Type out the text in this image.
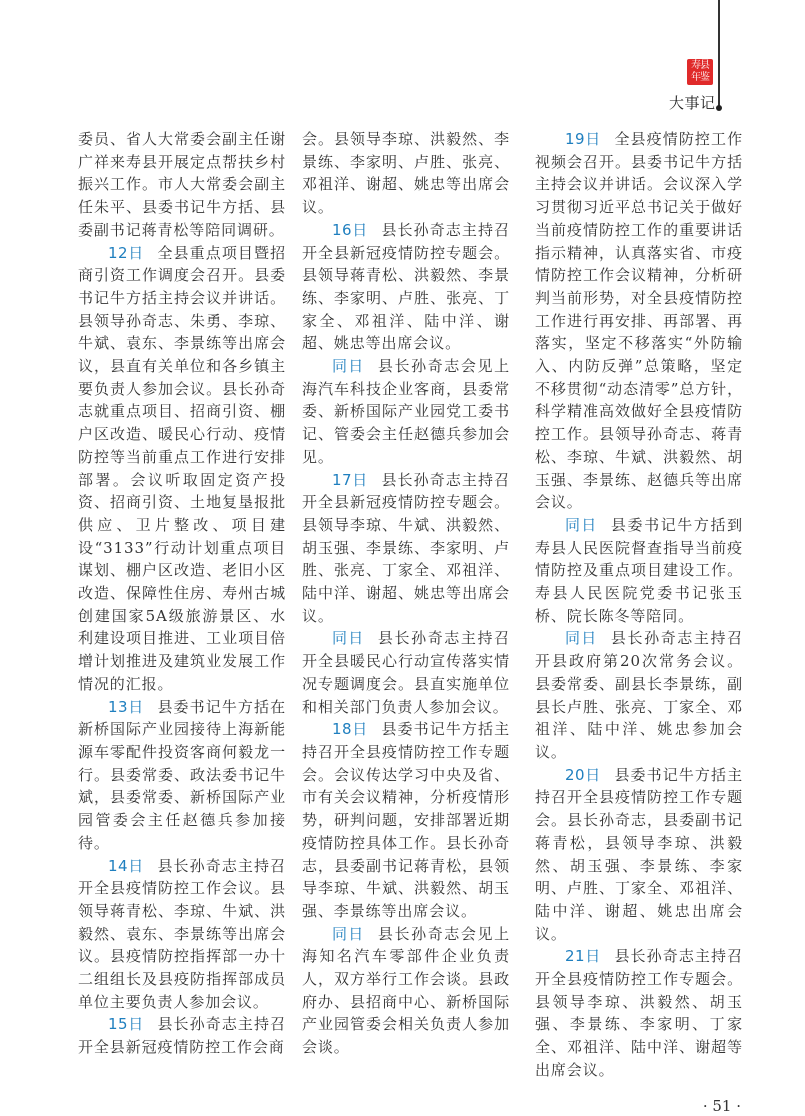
寿县
年鉴
大事记

委员、省人大常委会副主任谢广祥来寿县开展定点帮扶乡村振兴工作。市人大常委会副主任朱平、县委书记牛方括、县委副书记蒋青松等陪同调研。

12日 全县重点项目暨招商引资工作调度会召开。县委书记牛方括主持会议并讲话。县领导孙奇志、朱勇、李琼、牛斌、袁东、李景练等出席会议，县直有关单位和各乡镇主要负责人参加会议。县长孙奇志就重点项目、招商引资、棚户区改造、暖民心行动、疫情防控等当前重点工作进行安排部署。会议听取固定资产投资、招商引资、土地复垦报批供应、卫片整改、项目建设“3133”行动计划重点项目谋划、棚户区改造、老旧小区改造、保障性住房、寿州古城创建国家5A级旅游景区、水利建设项目推进、工业项目倍增计划推进及建筑业发展工作情况的汇报。

13日 县委书记牛方括在新桥国际产业园接待上海新能源车零配件投资客商何毅龙一行。县委常委、政法委书记牛斌，县委常委、新桥国际产业园管委会主任赵德兵参加接待。

14日 县长孙奇志主持召开全县疫情防控工作会议。县领导蒋青松、李琼、牛斌、洪毅然、袁东、李景练等出席会议。县疫情防控指挥部一办十二组组长及县疫防指挥部成员单位主要负责人参加会议。

15日 县长孙奇志主持召开全县新冠疫情防控工作会商

会。县领导李琼、洪毅然、李景练、李家明、卢胜、张亮、邓祖洋、谢超、姚忠等出席会议。

16日 县长孙奇志主持召开全县新冠疫情防控专题会。县领导蒋青松、洪毅然、李景练、李家明、卢胜、张亮、丁家全、邓祖洋、陆中洋、谢超、姚忠等出席会议。

同日 县长孙奇志会见上海汽车科技企业客商，县委常委、新桥国际产业园党工委书记、管委会主任赵德兵参加会见。

17日 县长孙奇志主持召开全县新冠疫情防控专题会。县领导李琼、牛斌、洪毅然、胡玉强、李景练、李家明、卢胜、张亮、丁家全、邓祖洋、陆中洋、谢超、姚忠等出席会议。

同日 县长孙奇志主持召开全县暖民心行动宣传落实情况专题调度会。县直实施单位和相关部门负责人参加会议。

18日 县委书记牛方括主持召开全县疫情防控工作专题会。会议传达学习中央及省、市有关会议精神，分析疫情形势，研判问题，安排部署近期疫情防控具体工作。县长孙奇志，县委副书记蒋青松，县领导李琼、牛斌、洪毅然、胡玉强、李景练等出席会议。

同日 县长孙奇志会见上海知名汽车零部件企业负责人，双方举行工作会谈。县政府办、县招商中心、新桥国际产业园管委会相关负责人参加会谈。

19日 全县疫情防控工作视频会召开。县委书记牛方括主持会议并讲话。会议深入学习贯彻习近平总书记关于做好当前疫情防控工作的重要讲话指示精神，认真落实省、市疫情防控工作会议精神，分析研判当前形势，对全县疫情防控工作进行再安排、再部署、再落实，坚定不移落实“外防输入、内防反弹”总策略，坚定不移贯彻“动态清零”总方针，科学精准高效做好全县疫情防控工作。县领导孙奇志、蒋青松、李琼、牛斌、洪毅然、胡玉强、李景练、赵德兵等出席会议。

同日 县委书记牛方括到寿县人民医院督查指导当前疫情防控及重点项目建设工作。寿县人民医院党委书记张玉桥、院长陈冬等陪同。

同日 县长孙奇志主持召开县政府第20次常务会议。县委常委、副县长李景练，副县长卢胜、张亮、丁家全、邓祖洋、陆中洋、姚忠参加会议。

20日 县委书记牛方括主持召开全县疫情防控工作专题会。县长孙奇志，县委副书记蒋青松，县领导李琼、洪毅然、胡玉强、李景练、李家明、卢胜、丁家全、邓祖洋、陆中洋、谢超、姚忠出席会议。

21日 县长孙奇志主持召开全县疫情防控工作专题会。县领导李琼、洪毅然、胡玉强、李景练、李家明、丁家全、邓祖洋、陆中洋、谢超等出席会议。

· 51 ·
